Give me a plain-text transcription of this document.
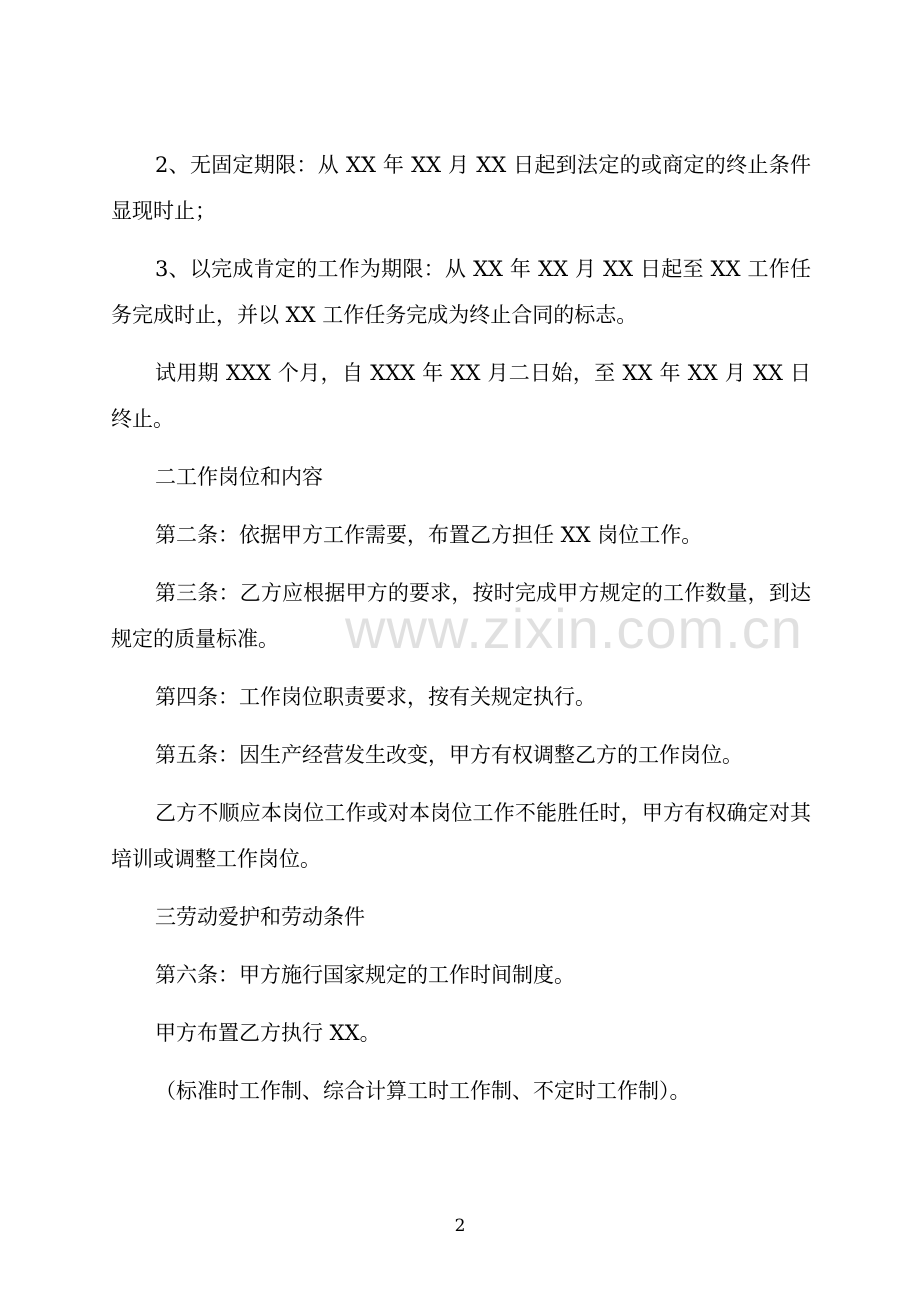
2、无固定期限：从 XX 年 XX 月 XX 日起到法定的或商定的终止条件显现时止；

3、以完成肯定的工作为期限：从 XX 年 XX 月 XX 日起至 XX 工作任务完成时止，并以 XX 工作任务完成为终止合同的标志。

试用期 XXX 个月，自 XXX 年 XX 月二日始，至 XX 年 XX 月 XX 日终止。

二工作岗位和内容

第二条：依据甲方工作需要，布置乙方担任 XX 岗位工作。

第三条：乙方应根据甲方的要求，按时完成甲方规定的工作数量，到达规定的质量标准。

第四条：工作岗位职责要求，按有关规定执行。

第五条：因生产经营发生改变，甲方有权调整乙方的工作岗位。

乙方不顺应本岗位工作或对本岗位工作不能胜任时，甲方有权确定对其培训或调整工作岗位。

三劳动爱护和劳动条件

第六条：甲方施行国家规定的工作时间制度。

甲方布置乙方执行 XX。

（标准时工作制、综合计算工时工作制、不定时工作制）。

www.zixin.com.cn
2
